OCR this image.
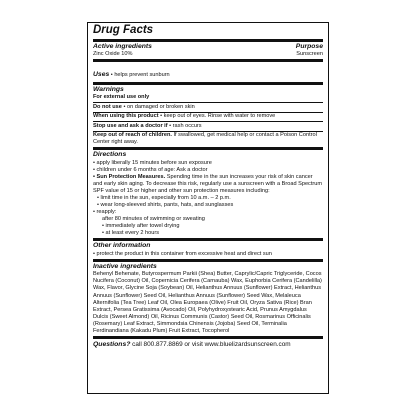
Drug Facts
Active ingredients	Purpose
Zinc Oxide 10%	Sunscreen
Uses • helps prevent sunburn
Warnings
For external use only
Do not use • on damaged or broken skin
When using this product • keep out of eyes. Rinse with water to remove
Stop use and ask a doctor if • rash occurs
Keep out of reach of children. If swallowed, get medical help or contact a Poison Control Center right away.
Directions
• apply liberally 15 minutes before sun exposure
• children under 6 months of age: Ask a doctor
• Sun Protection Measures. Spending time in the sun increases your risk of skin cancer and early skin aging. To decrease this risk, regularly use a sunscreen with a Broad Spectrum SPF value of 15 or higher and other sun protection measures including:
• limit time in the sun, especially from 10 a.m. – 2 p.m.
• wear long-sleeved shirts, pants, hats, and sunglasses
• reapply:
after 80 minutes of swimming or sweating
• immediately after towel drying
• at least every 2 hours
Other information
• protect the product in this container from excessive heat and direct sun
Inactive ingredients
Behenyl Behenate, Butyrospermum Parkii (Shea) Butter, Caprylic/Capric Triglyceride, Cocos Nucifera (Coconut) Oil, Copernicia Cerifera (Carnauba) Wax, Euphorbia Cerifera (Candelilla) Wax, Flavor, Glycine Soja (Soybean) Oil, Helianthus Annuus (Sunflower) Extract, Helianthus Annuus (Sunflower) Seed Oil, Helianthus Annuus (Sunflower) Seed Wax, Melaleuca Alternifolia (Tea Tree) Leaf Oil, Olea Europaea (Olive) Fruit Oil, Oryza Sativa (Rice) Bran Extract, Persea Gratissima (Avocado) Oil, Polyhydroxystearic Acid, Prunus Amygdalus Dulcis (Sweet Almond) Oil, Ricinus Communis (Castor) Seed Oil, Rosmarinus Officinalis (Rosemary) Leaf Extract, Simmondsia Chinensis (Jojoba) Seed Oil, Terminalia Ferdinandiana (Kakadu Plum) Fruit Extract, Tocopherol
Questions? call 800.877.8869 or visit www.bluelizardsunscreen.com
